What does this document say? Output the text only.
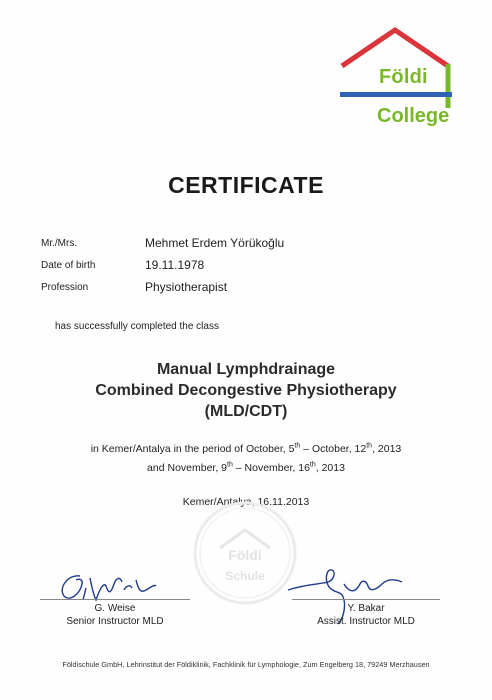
Földi
College
CERTIFICATE
Mr./Mrs.	Mehmet Erdem Yörükoğlu
Date of birth	19.11.1978
Profession	Physiotherapist
has successfully completed the class
Manual Lymphdrainage
Combined Decongestive Physiotherapy
(MLD/CDT)
in Kemer/Antalya in the period of October, 5th – October, 12th, 2013
and November, 9th – November, 16th, 2013
Kemer/Antalya, 16.11.2013
Földi
Schule
G. Weise
Senior Instructor MLD
Y. Bakar
Assist. Instructor MLD
Földischule GmbH, Lehrinstitut der Földiklinik, Fachklinik für Lymphologie, Zum Engelberg 18, 79249 Merzhausen
